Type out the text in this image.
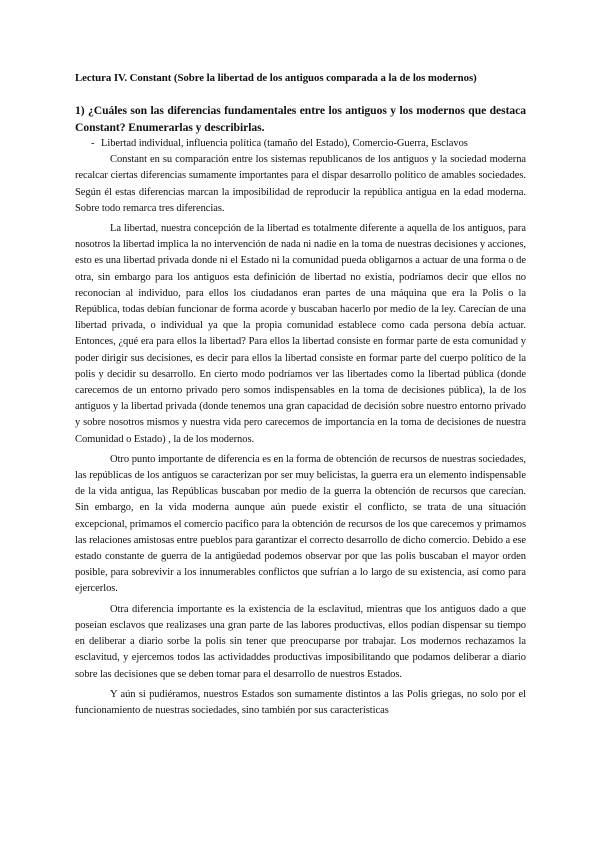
Lectura IV. Constant (Sobre la libertad de los antiguos comparada a la de los modernos)
1) ¿Cuáles son las diferencias fundamentales entre los antiguos y los modernos que destaca Constant? Enumerarlas y describirlas.
- Libertad individual, influencia política (tamaño del Estado), Comercio-Guerra, Esclavos

Constant en su comparación entre los sistemas republicanos de los antiguos y la sociedad moderna recalcar ciertas diferencias sumamente importantes para el dispar desarrollo político de amables sociedades. Según él estas diferencias marcan la imposibilidad de reproducir la república antigua en la edad moderna. Sobre todo remarca tres diferencias.

La libertad, nuestra concepción de la libertad es totalmente diferente a aquella de los antiguos, para nosotros la libertad implica la no intervención de nada ni nadie en la toma de nuestras decisiones y acciones, esto es una libertad privada donde ni el Estado ni la comunidad pueda obligarnos a actuar de una forma o de otra, sin embargo para los antiguos esta definición de libertad no existía, podríamos decir que ellos no reconocían al individuo, para ellos los ciudadanos eran partes de una máquina que era la Polis o la República, todas debían funcionar de forma acorde y buscaban hacerlo por medio de la ley. Carecían de una libertad privada, o individual ya que la propia comunidad establece como cada persona debía actuar. Entonces, ¿qué era para ellos la libertad? Para ellos la libertad consiste en formar parte de esta comunidad y poder dirigir sus decisiones, es decir para ellos la libertad consiste en formar parte del cuerpo político de la polis y decidir su desarrollo. En cierto modo podríamos ver las libertades como la libertad pública (donde carecemos de un entorno privado pero somos indispensables en la toma de decisiones pública), la de los antiguos y la libertad privada (donde tenemos una gran capacidad de decisión sobre nuestro entorno privado y sobre nosotros mismos y nuestra vida pero carecemos de importancia en la toma de decisiones de nuestra Comunidad o Estado) , la de los modernos.

Otro punto importante de diferencia es en la forma de obtención de recursos de nuestras sociedades, las repúblicas de los antiguos se caracterizan por ser muy belicistas, la guerra era un elemento indispensable de la vida antigua, las Repúblicas buscaban por medio de la guerra la obtención de recursos que carecían. Sin embargo, en la vida moderna aunque aún puede existir el conflicto, se trata de una situación excepcional, primamos el comercio pacífico para la obtención de recursos de los que carecemos y primamos las relaciones amistosas entre pueblos para garantizar el correcto desarrollo de dicho comercio. Debido a ese estado constante de guerra de la antigüedad podemos observar por que las polis buscaban el mayor orden posible, para sobrevivir a los innumerables conflictos que sufrían a lo largo de su existencia, así como para ejercerlos.

Otra diferencia importante es la existencia de la esclavitud, mientras que los antiguos dado a que poseían esclavos que realizases una gran parte de las labores productivas, ellos podían dispensar su tiempo en deliberar a diario sorbe la polis sin tener que preocuparse por trabajar. Los modernos rechazamos la esclavitud, y ejercemos todos las actividaddes productivas imposibilitando que podamos deliberar a diario sobre las decisiones que se deben tomar para el desarrollo de nuestros Estados.

Y aún si pudiéramos, nuestros Estados son sumamente distintos a las Polis griegas, no solo por el funcionamiento de nuestras sociedades, sino también por sus características
